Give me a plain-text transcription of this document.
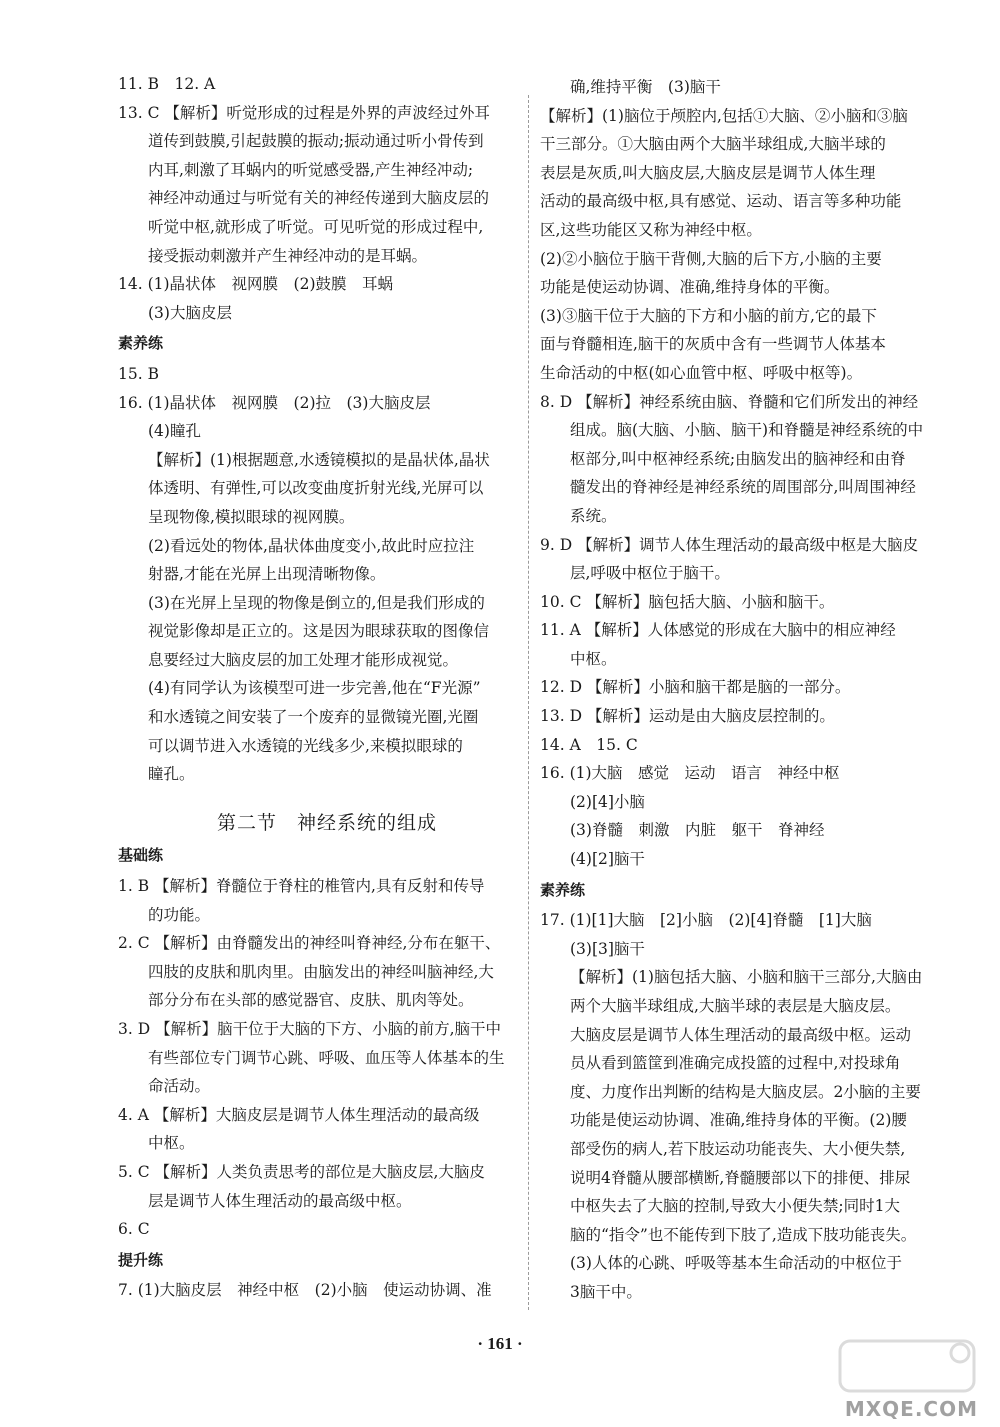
11. B　12. A
13. C 【解析】听觉形成的过程是外界的声波经过外耳
道传到鼓膜,引起鼓膜的振动;振动通过听小骨传到
内耳,刺激了耳蜗内的听觉感受器,产生神经冲动;
神经冲动通过与听觉有关的神经传递到大脑皮层的
听觉中枢,就形成了听觉。可见听觉的形成过程中,
接受振动刺激并产生神经冲动的是耳蜗。
14. (1)晶状体　视网膜　(2)鼓膜　耳蜗
(3)大脑皮层
素养练
15. B
16. (1)晶状体　视网膜　(2)拉　(3)大脑皮层
(4)瞳孔
【解析】(1)根据题意,水透镜模拟的是晶状体,晶状
体透明、有弹性,可以改变曲度折射光线,光屏可以
呈现物像,模拟眼球的视网膜。
(2)看远处的物体,晶状体曲度变小,故此时应拉注
射器,才能在光屏上出现清晰物像。
(3)在光屏上呈现的物像是倒立的,但是我们形成的
视觉影像却是正立的。这是因为眼球获取的图像信
息要经过大脑皮层的加工处理才能形成视觉。
(4)有同学认为该模型可进一步完善,他在“F光源”
和水透镜之间安装了一个废弃的显微镜光圈,光圈
可以调节进入水透镜的光线多少,来模拟眼球的
瞳孔。
第二节　神经系统的组成
基础练
1. B 【解析】脊髓位于脊柱的椎管内,具有反射和传导
的功能。
2. C 【解析】由脊髓发出的神经叫脊神经,分布在躯干、
四肢的皮肤和肌肉里。由脑发出的神经叫脑神经,大
部分分布在头部的感觉器官、皮肤、肌肉等处。
3. D 【解析】脑干位于大脑的下方、小脑的前方,脑干中
有些部位专门调节心跳、呼吸、血压等人体基本的生
命活动。
4. A 【解析】大脑皮层是调节人体生理活动的最高级
中枢。
5. C 【解析】人类负责思考的部位是大脑皮层,大脑皮
层是调节人体生理活动的最高级中枢。
6. C
提升练
7. (1)大脑皮层　神经中枢　(2)小脑　使运动协调、准
确,维持平衡　(3)脑干
【解析】(1)脑位于颅腔内,包括①大脑、②小脑和③脑
干三部分。①大脑由两个大脑半球组成,大脑半球的
表层是灰质,叫大脑皮层,大脑皮层是调节人体生理
活动的最高级中枢,具有感觉、运动、语言等多种功能
区,这些功能区又称为神经中枢。
(2)②小脑位于脑干背侧,大脑的后下方,小脑的主要
功能是使运动协调、准确,维持身体的平衡。
(3)③脑干位于大脑的下方和小脑的前方,它的最下
面与脊髓相连,脑干的灰质中含有一些调节人体基本
生命活动的中枢(如心血管中枢、呼吸中枢等)。
8. D 【解析】神经系统由脑、脊髓和它们所发出的神经
组成。脑(大脑、小脑、脑干)和脊髓是神经系统的中
枢部分,叫中枢神经系统;由脑发出的脑神经和由脊
髓发出的脊神经是神经系统的周围部分,叫周围神经
系统。
9. D 【解析】调节人体生理活动的最高级中枢是大脑皮
层,呼吸中枢位于脑干。
10. C 【解析】脑包括大脑、小脑和脑干。
11. A 【解析】人体感觉的形成在大脑中的相应神经
中枢。
12. D 【解析】小脑和脑干都是脑的一部分。
13. D 【解析】运动是由大脑皮层控制的。
14. A　15. C
16. (1)大脑　感觉　运动　语言　神经中枢
(2)[4]小脑
(3)脊髓　刺激　内脏　躯干　脊神经
(4)[2]脑干
素养练
17. (1)[1]大脑　[2]小脑　(2)[4]脊髓　[1]大脑
(3)[3]脑干
【解析】(1)脑包括大脑、小脑和脑干三部分,大脑由
两个大脑半球组成,大脑半球的表层是大脑皮层。
大脑皮层是调节人体生理活动的最高级中枢。运动
员从看到篮筐到准确完成投篮的过程中,对投球角
度、力度作出判断的结构是大脑皮层。2小脑的主要
功能是使运动协调、准确,维持身体的平衡。(2)腰
部受伤的病人,若下肢运动功能丧失、大小便失禁,
说明4脊髓从腰部横断,脊髓腰部以下的排便、排尿
中枢失去了大脑的控制,导致大小便失禁;同时1大
脑的“指令”也不能传到下肢了,造成下肢功能丧失。
(3)人体的心跳、呼吸等基本生命活动的中枢位于
3脑干中。
· 161 ·
MXQE.COM
